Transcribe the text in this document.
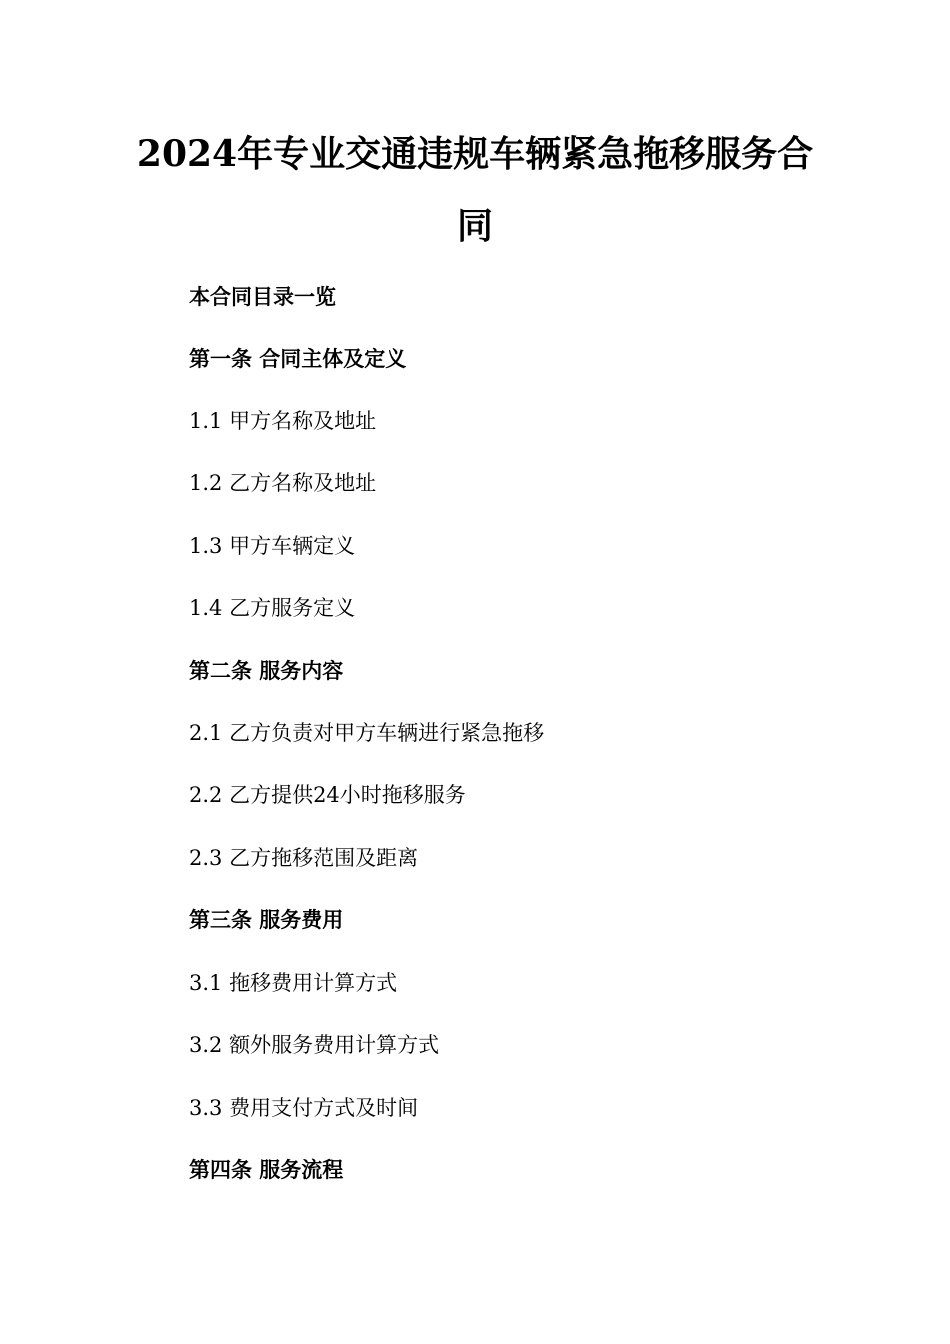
2024年专业交通违规车辆紧急拖移服务合
同
本合同目录一览
第一条 合同主体及定义
1.1 甲方名称及地址
1.2 乙方名称及地址
1.3 甲方车辆定义
1.4 乙方服务定义
第二条 服务内容
2.1 乙方负责对甲方车辆进行紧急拖移
2.2 乙方提供24小时拖移服务
2.3 乙方拖移范围及距离
第三条 服务费用
3.1 拖移费用计算方式
3.2 额外服务费用计算方式
3.3 费用支付方式及时间
第四条 服务流程
